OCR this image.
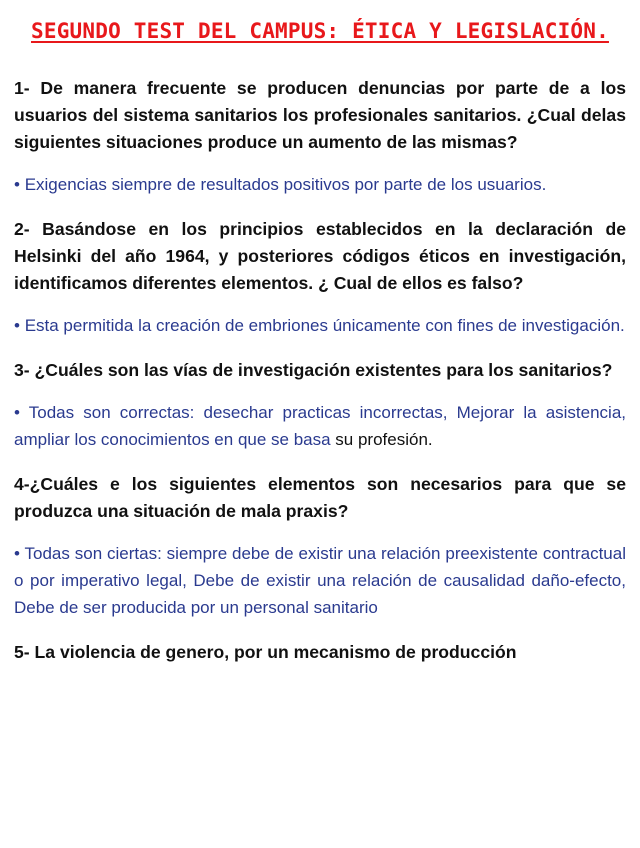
SEGUNDO TEST DEL CAMPUS: ÉTICA Y LEGISLACIÓN.

1- De manera frecuente se producen denuncias por parte de a los usuarios del sistema sanitarios los profesionales sanitarios. ¿Cual delas siguientes situaciones produce un aumento de las mismas?

• Exigencias siempre de resultados positivos por parte de los usuarios.

2- Basándose en los principios establecidos en la declaración de Helsinki del año 1964, y posteriores códigos éticos en investigación, identificamos diferentes elementos. ¿ Cual de ellos es falso?

• Esta permitida la creación de embriones únicamente con fines de investigación.

3- ¿Cuáles son las vías de investigación existentes para los sanitarios?

• Todas son correctas: desechar practicas incorrectas, Mejorar la asistencia, ampliar los conocimientos en que se basa su profesión.

4-¿Cuáles e los siguientes elementos son necesarios para que se produzca una situación de mala praxis?

• Todas son ciertas: siempre debe de existir una relación preexistente contractual o por imperativo legal, Debe de existir una relación de causalidad daño-efecto, Debe de ser producida por un personal sanitario

5- La violencia de genero, por un mecanismo de producción
